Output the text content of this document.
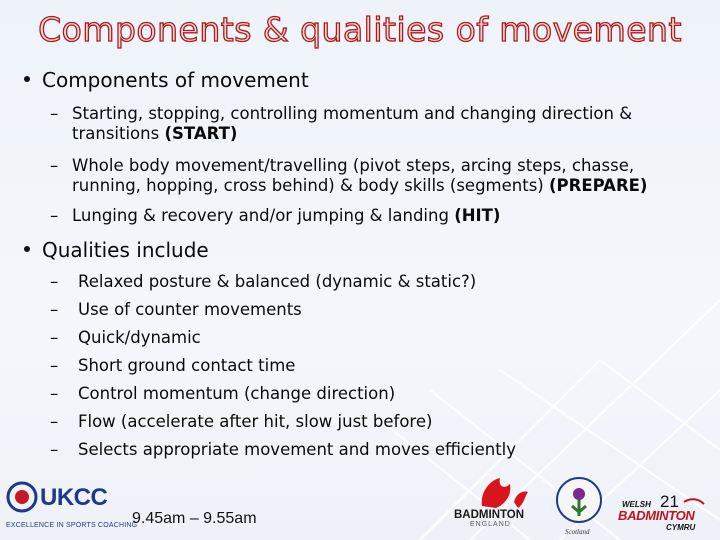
Components & qualities of movement
Components of movement
– Starting, stopping, controlling momentum and changing direction &
transitions (START)
– Whole body movement/travelling (pivot steps, arcing steps, chasse,
running, hopping, cross behind) & body skills (segments) (PREPARE)
– Lunging & recovery and/or jumping & landing (HIT)
Qualities include
– Relaxed posture & balanced (dynamic & static?)
– Use of counter movements
– Quick/dynamic
– Short ground contact time
– Control momentum (change direction)
– Flow (accelerate after hit, slow just before)
– Selects appropriate movement and moves efficiently
UKCC
EXCELLENCE IN SPORTS COACHING
9.45am – 9.55am	BADMINTON
ENGLAND
Scotland
WELSH
BADMINTON
CYMRU
21
